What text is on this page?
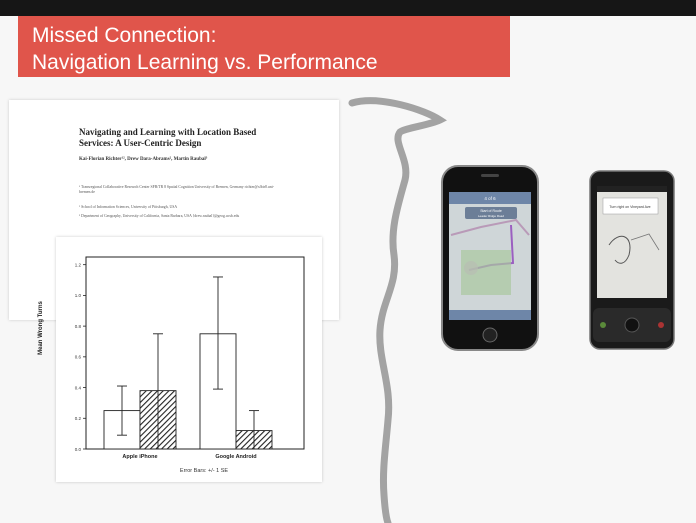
Missed Connection:
Navigation Learning vs. Performance
Navigating and Learning with Location Based Services: A User-Centric Design
Kai-Florian Richter¹², Drew Dara-Abrams², Martin Raubal³
¹ Transregional Collaborative Research Center SFB/TR 8 Spatial Cognition University of Bremen, Germany richter@sfbtr8.uni-bremen.de
² School of Information Sciences, University of Pittsburgh, USA
³ Department of Geography, University of California, Santa Barbara, USA {drew.raubal}@geog.ucsb.edu
0.0
0.2
0.4
0.6
0.8
1.0
1.2
Apple iPhone	Google Android
Error Bars: +/- 1 SE
Mean Wrong Turns
4 of 6
Start of Route
Leader Ridge Road
Turn right on Vineyard Ave
